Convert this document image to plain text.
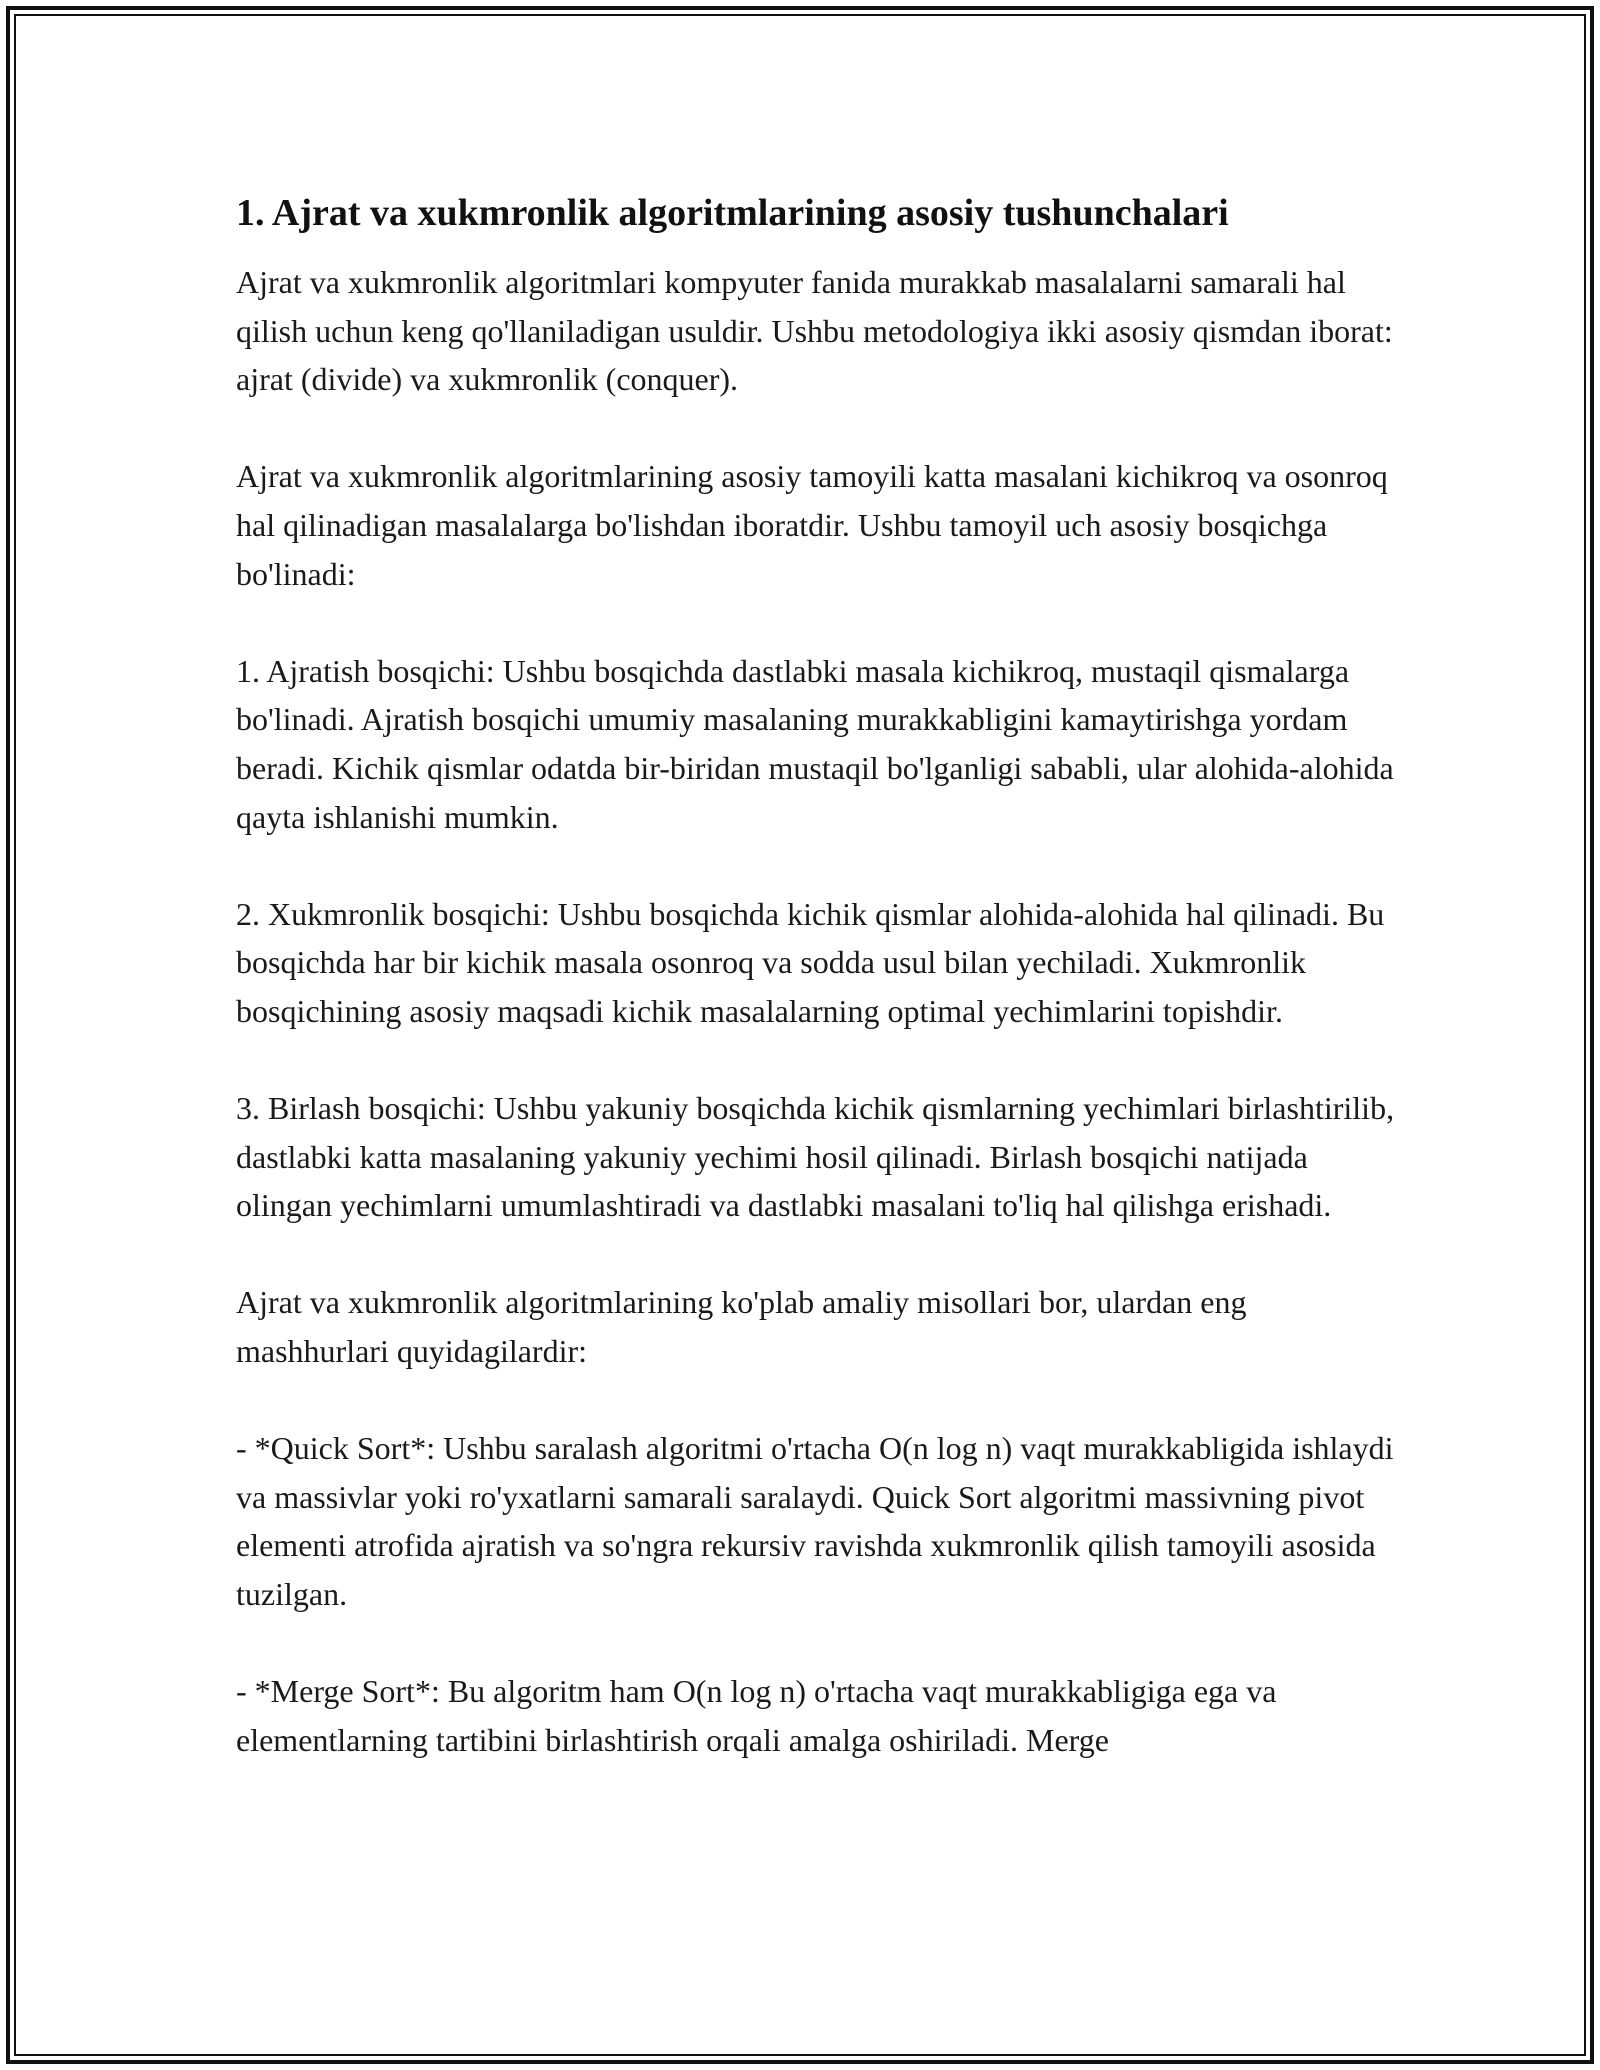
1. Ajrat va xukmronlik algoritmlarining asosiy tushunchalari

Ajrat va xukmronlik algoritmlari kompyuter fanida murakkab masalalarni samarali hal qilish uchun keng qo'llaniladigan usuldir. Ushbu metodologiya ikki asosiy qismdan iborat: ajrat (divide) va xukmronlik (conquer).

Ajrat va xukmronlik algoritmlarining asosiy tamoyili katta masalani kichikroq va osonroq hal qilinadigan masalalarga bo'lishdan iboratdir. Ushbu tamoyil uch asosiy bosqichga bo'linadi:

1. Ajratish bosqichi: Ushbu bosqichda dastlabki masala kichikroq, mustaqil qismalarga bo'linadi. Ajratish bosqichi umumiy masalaning murakkabligini kamaytirishga yordam beradi. Kichik qismlar odatda bir-biridan mustaqil bo'lganligi sababli, ular alohida-alohida qayta ishlanishi mumkin.

2. Xukmronlik bosqichi: Ushbu bosqichda kichik qismlar alohida-alohida hal qilinadi. Bu bosqichda har bir kichik masala osonroq va sodda usul bilan yechiladi. Xukmronlik bosqichining asosiy maqsadi kichik masalalarning optimal yechimlarini topishdir.

3. Birlash bosqichi: Ushbu yakuniy bosqichda kichik qismlarning yechimlari birlashtirilib, dastlabki katta masalaning yakuniy yechimi hosil qilinadi. Birlash bosqichi natijada olingan yechimlarni umumlashtiradi va dastlabki masalani to'liq hal qilishga erishadi.

Ajrat va xukmronlik algoritmlarining ko'plab amaliy misollari bor, ulardan eng mashhurlari quyidagilardir:

- *Quick Sort*: Ushbu saralash algoritmi o'rtacha O(n log n) vaqt murakkabligida ishlaydi va massivlar yoki ro'yxatlarni samarali saralaydi. Quick Sort algoritmi massivning pivot elementi atrofida ajratish va so'ngra rekursiv ravishda xukmronlik qilish tamoyili asosida tuzilgan.

- *Merge Sort*: Bu algoritm ham O(n log n) o'rtacha vaqt murakkabligiga ega va elementlarning tartibini birlashtirish orqali amalga oshiriladi. Merge
